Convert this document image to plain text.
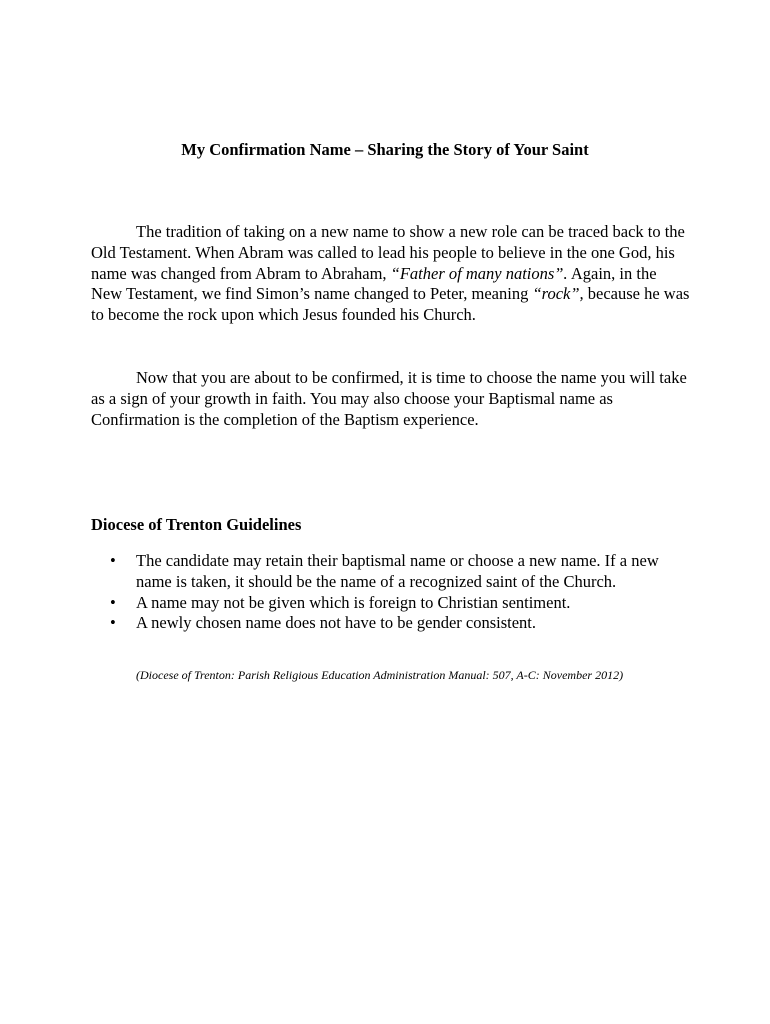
My Confirmation Name – Sharing the Story of Your Saint

The tradition of taking on a new name to show a new role can be traced back to the Old Testament. When Abram was called to lead his people to believe in the one God, his name was changed from Abram to Abraham, “Father of many nations”. Again, in the New Testament, we find Simon’s name changed to Peter, meaning “rock”, because he was to become the rock upon which Jesus founded his Church.

Now that you are about to be confirmed, it is time to choose the name you will take as a sign of your growth in faith. You may also choose your Baptismal name as Confirmation is the completion of the Baptism experience.

Diocese of Trenton Guidelines
• The candidate may retain their baptismal name or choose a new name. If a new name is taken, it should be the name of a recognized saint of the Church.
• A name may not be given which is foreign to Christian sentiment.
• A newly chosen name does not have to be gender consistent.
(Diocese of Trenton: Parish Religious Education Administration Manual: 507, A-C: November 2012)
